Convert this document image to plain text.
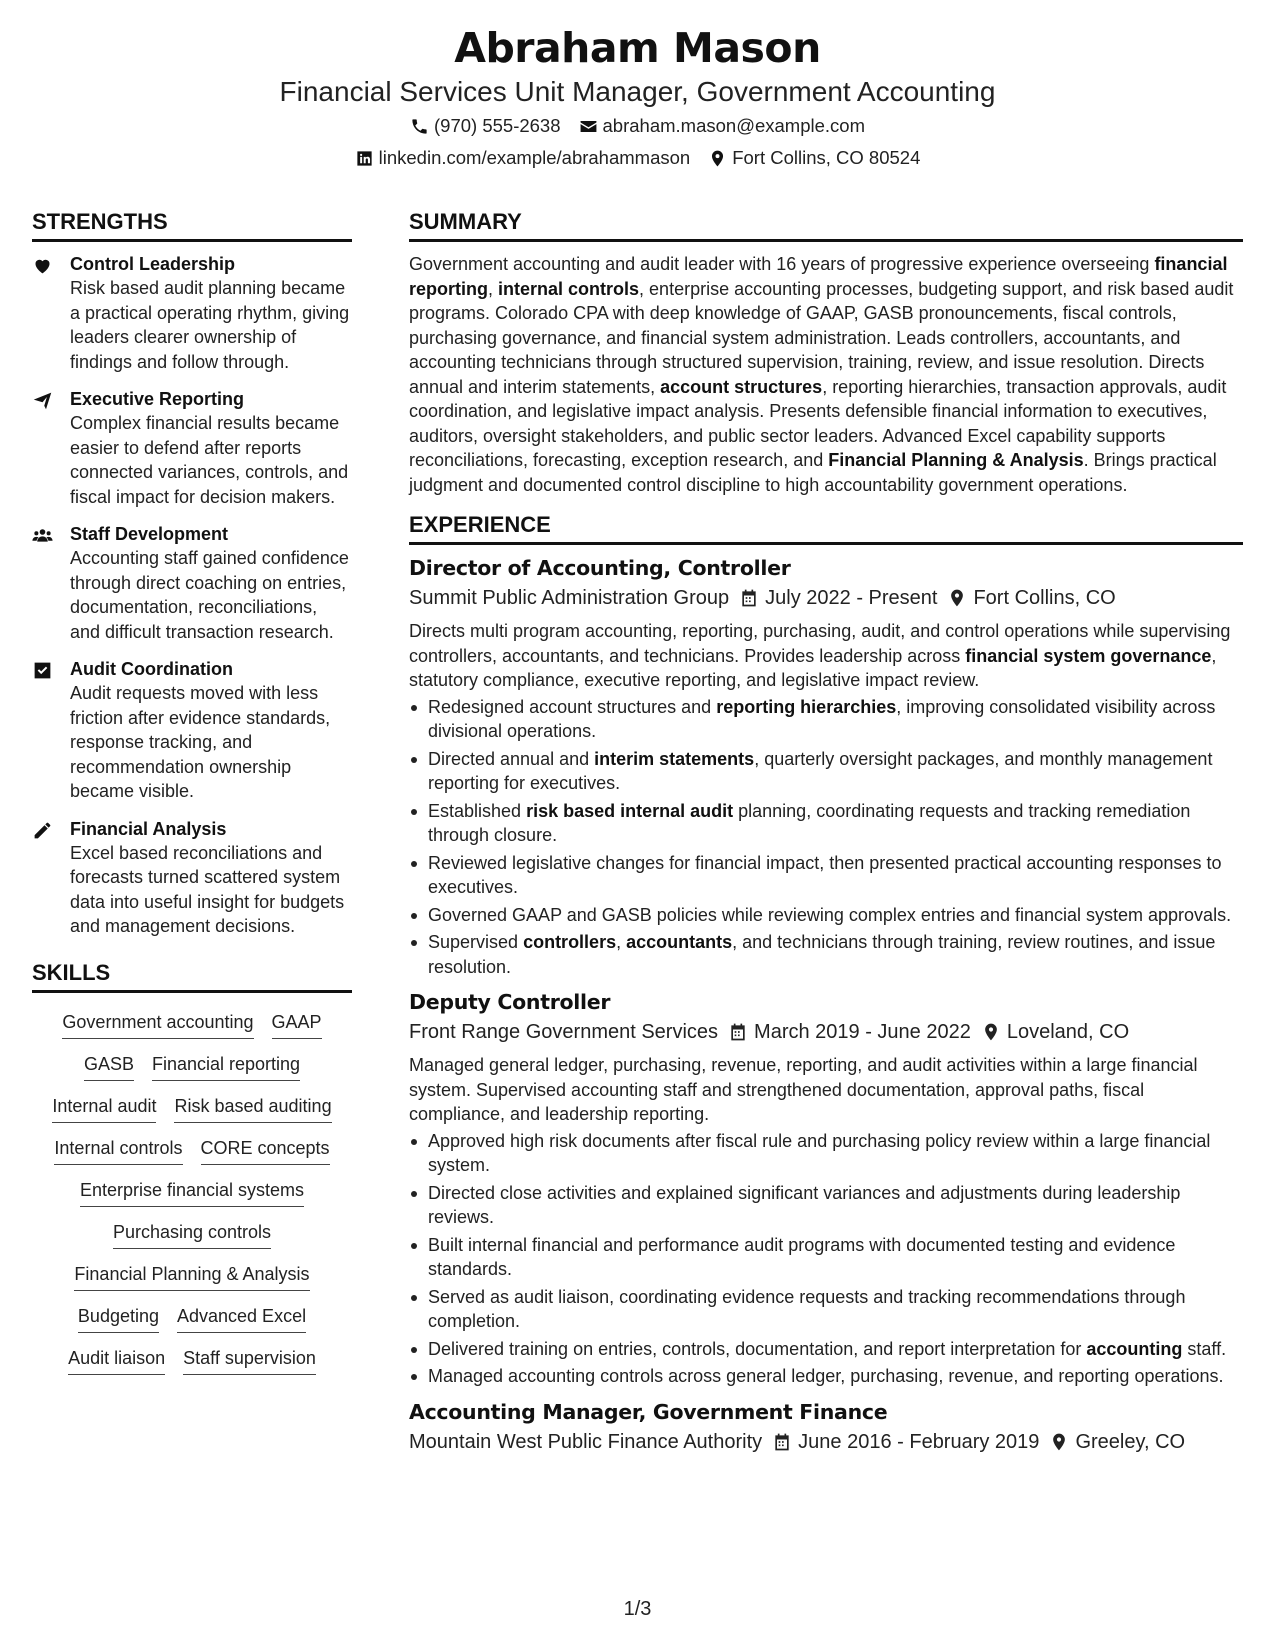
Abraham Mason
Financial Services Unit Manager, Government Accounting
(970) 555-2638 abraham.mason@example.com
linkedin.com/example/abrahammason Fort Collins, CO 80524
STRENGTHS
Control Leadership
Risk based audit planning became a practical operating rhythm, giving leaders clearer ownership of findings and follow through.
Executive Reporting
Complex financial results became easier to defend after reports connected variances, controls, and fiscal impact for decision makers.
Staff Development
Accounting staff gained confidence through direct coaching on entries, documentation, reconciliations, and difficult transaction research.
Audit Coordination
Audit requests moved with less friction after evidence standards, response tracking, and recommendation ownership became visible.
Financial Analysis
Excel based reconciliations and forecasts turned scattered system data into useful insight for budgets and management decisions.
SKILLS
Government accounting GAAP
GASB Financial reporting
Internal audit Risk based auditing
Internal controls CORE concepts
Enterprise financial systems
Purchasing controls
Financial Planning & Analysis
Budgeting Advanced Excel
Audit liaison Staff supervision
SUMMARY

Government accounting and audit leader with 16 years of progressive experience overseeing financial reporting, internal controls, enterprise accounting processes, budgeting support, and risk based audit programs. Colorado CPA with deep knowledge of GAAP, GASB pronouncements, fiscal controls, purchasing governance, and financial system administration. Leads controllers, accountants, and accounting technicians through structured supervision, training, review, and issue resolution. Directs annual and interim statements, account structures, reporting hierarchies, transaction approvals, audit coordination, and legislative impact analysis. Presents defensible financial information to executives, auditors, oversight stakeholders, and public sector leaders. Advanced Excel capability supports reconciliations, forecasting, exception research, and Financial Planning & Analysis. Brings practical judgment and documented control discipline to high accountability government operations.

EXPERIENCE
Director of Accounting, Controller
Summit Public Administration Group July 2022 - Present Fort Collins, CO

Directs multi program accounting, reporting, purchasing, audit, and control operations while supervising controllers, accountants, and technicians. Provides leadership across financial system governance, statutory compliance, executive reporting, and legislative impact review.

Redesigned account structures and reporting hierarchies, improving consolidated visibility across divisional operations.
Directed annual and interim statements, quarterly oversight packages, and monthly management reporting for executives.
Established risk based internal audit planning, coordinating requests and tracking remediation through closure.
Reviewed legislative changes for financial impact, then presented practical accounting responses to executives.
Governed GAAP and GASB policies while reviewing complex entries and financial system approvals.
Supervised controllers, accountants, and technicians through training, review routines, and issue resolution.
Deputy Controller
Front Range Government Services March 2019 - June 2022 Loveland, CO

Managed general ledger, purchasing, revenue, reporting, and audit activities within a large financial system. Supervised accounting staff and strengthened documentation, approval paths, fiscal compliance, and leadership reporting.

Approved high risk documents after fiscal rule and purchasing policy review within a large financial system.
Directed close activities and explained significant variances and adjustments during leadership reviews.
Built internal financial and performance audit programs with documented testing and evidence standards.
Served as audit liaison, coordinating evidence requests and tracking recommendations through completion.
Delivered training on entries, controls, documentation, and report interpretation for accounting staff.
Managed accounting controls across general ledger, purchasing, revenue, and reporting operations.
Accounting Manager, Government Finance
Mountain West Public Finance Authority June 2016 - February 2019 Greeley, CO
1/3
